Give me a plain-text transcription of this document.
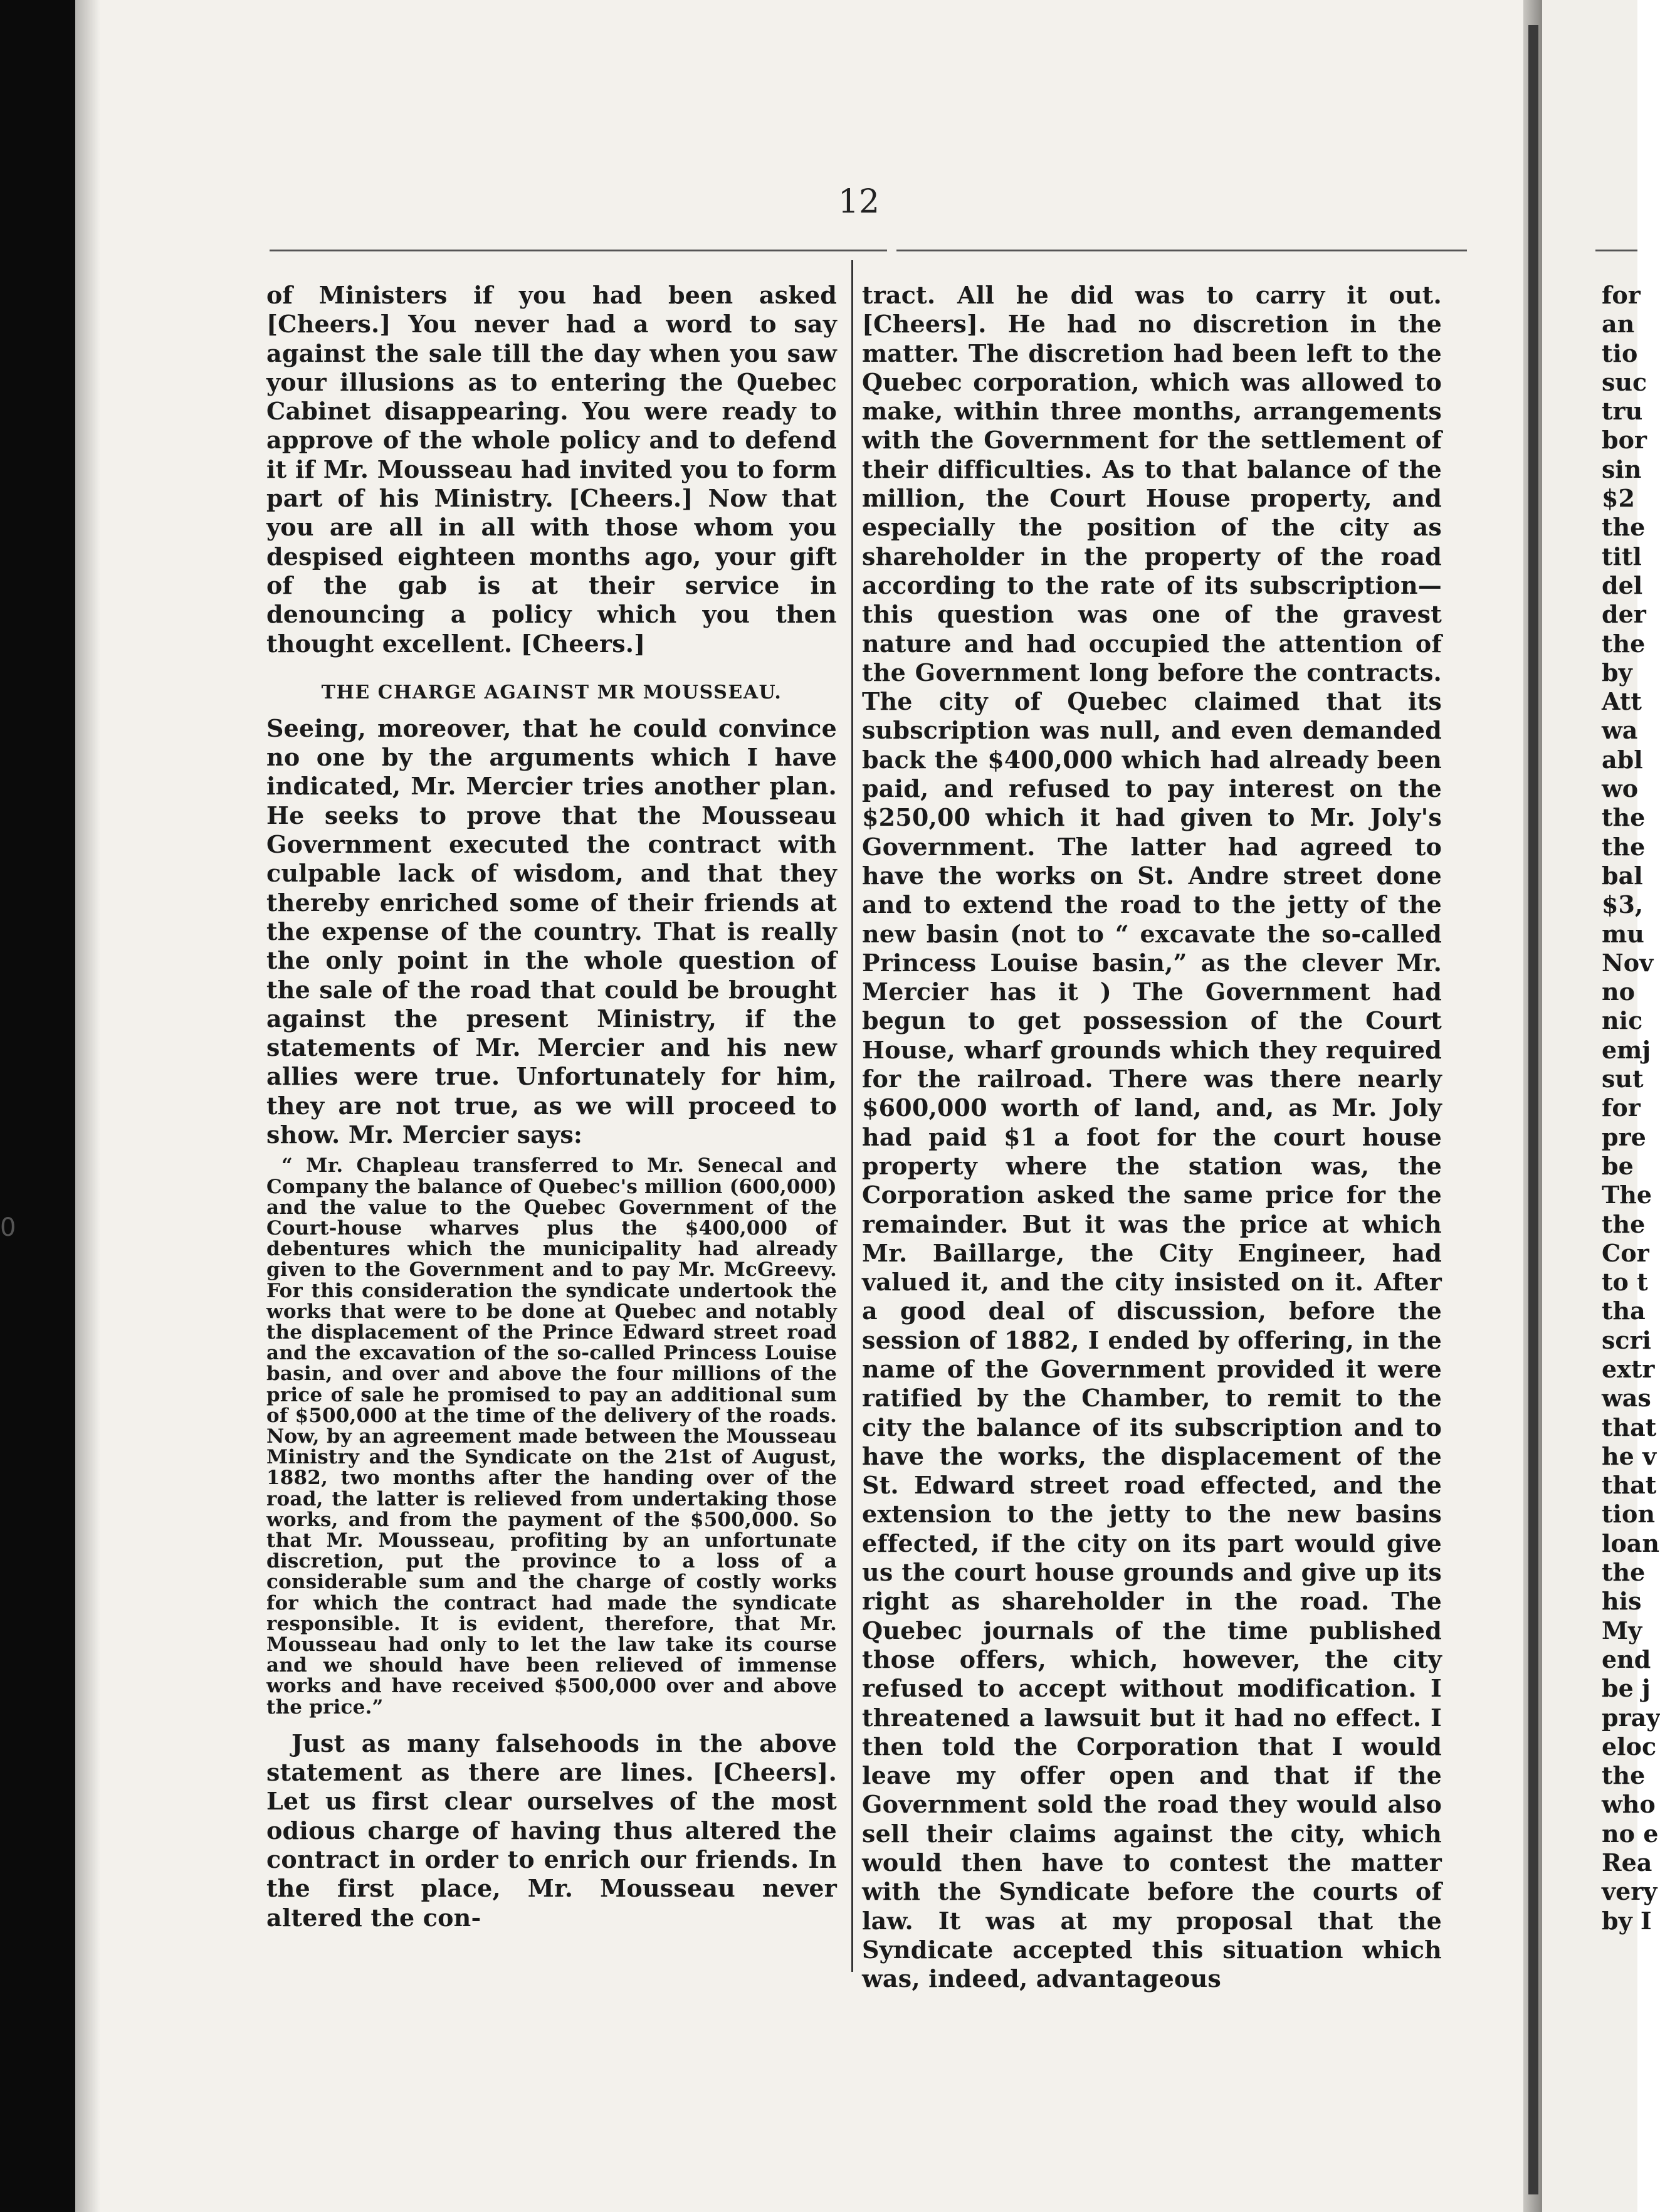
0
12

of Ministers if you had been asked [Cheers.] You never had a word to say against the sale till the day when you saw your illusions as to entering the Quebec Cabinet disappearing. You were ready to approve of the whole policy and to defend it if Mr. Mousseau had invited you to form part of his Ministry. [Cheers.] Now that you are all in all with those whom you despised eighteen months ago, your gift of the gab is at their service in denouncing a policy which you then thought excellent. [Cheers.]

THE CHARGE AGAINST MR MOUSSEAU.

Seeing, moreover, that he could convince no one by the arguments which I have indicated, Mr. Mercier tries another plan. He seeks to prove that the Mousseau Government executed the contract with culpable lack of wisdom, and that they thereby enriched some of their friends at the expense of the country. That is really the only point in the whole question of the sale of the road that could be brought against the present Ministry, if the statements of Mr. Mercier and his new allies were true. Unfortunately for him, they are not true, as we will proceed to show. Mr. Mercier says:

“ Mr. Chapleau transferred to Mr. Senecal and Company the balance of Quebec's million (600,000) and the value to the Quebec Government of the Court-house wharves plus the $400,000 of debentures which the municipality had already given to the Government and to pay Mr. McGreevy. For this consideration the syndicate undertook the works that were to be done at Quebec and notably the displacement of the Prince Edward street road and the excavation of the so-called Princess Louise basin, and over and above the four millions of the price of sale he promised to pay an additional sum of $500,000 at the time of the delivery of the roads. Now, by an agreement made between the Mousseau Ministry and the Syndicate on the 21st of August, 1882, two months after the handing over of the road, the latter is relieved from undertaking those works, and from the payment of the $500,000. So that Mr. Mousseau, profiting by an unfortunate discretion, put the province to a loss of a considerable sum and the charge of costly works for which the contract had made the syndicate responsible. It is evident, therefore, that Mr. Mousseau had only to let the law take its course and we should have been relieved of immense works and have received $500,000 over and above the price.”

Just as many falsehoods in the above statement as there are lines. [Cheers]. Let us first clear ourselves of the most odious charge of having thus altered the contract in order to enrich our friends. In the first place, Mr. Mousseau never altered the con-

tract. All he did was to carry it out. [Cheers]. He had no discretion in the matter. The discretion had been left to the Quebec corporation, which was allowed to make, within three months, arrangements with the Government for the settlement of their difficulties. As to that balance of the million, the Court House property, and especially the position of the city as shareholder in the property of the road according to the rate of its subscription—this question was one of the gravest nature and had occupied the attention of the Government long before the contracts. The city of Quebec claimed that its subscription was null, and even demanded back the $400,000 which had already been paid, and refused to pay interest on the $250,00 which it had given to Mr. Joly's Government. The latter had agreed to have the works on St. Andre street done and to extend the road to the jetty of the new basin (not to “ excavate the so-called Princess Louise basin,” as the clever Mr. Mercier has it ) The Government had begun to get possession of the Court House, wharf grounds which they required for the railroad. There was there nearly $600,000 worth of land, and, as Mr. Joly had paid $1 a foot for the court house property where the station was, the Corporation asked the same price for the remainder. But it was the price at which Mr. Baillarge, the City Engineer, had valued it, and the city insisted on it. After a good deal of discussion, before the session of 1882, I ended by offering, in the name of the Government provided it were ratified by the Chamber, to remit to the city the balance of its subscription and to have the works, the displacement of the St. Edward street road effected, and the extension to the jetty to the new basins effected, if the city on its part would give us the court house grounds and give up its right as shareholder in the road. The Quebec journals of the time published those offers, which, however, the city refused to accept without modification. I threatened a lawsuit but it had no effect. I then told the Corporation that I would leave my offer open and that if the Government sold the road they would also sell their claims against the city, which would then have to contest the matter with the Syndicate before the courts of law. It was at my proposal that the Syndicate accepted this situation which was, indeed, advantageous

for
an
tio
suc
tru
bor
sin
$2
the
titl
del
der
the
by
Att
wa
abl
wo
the
the
bal
$3,
mu
Nov
no
nic
emj
sut
for
pre
be
The
the
Cor
to t
tha
scri
extr
was
that
he v
that
tion
loan
the
his
My
end
be j
pray
eloc
the
who
no e
Rea
very
by I
